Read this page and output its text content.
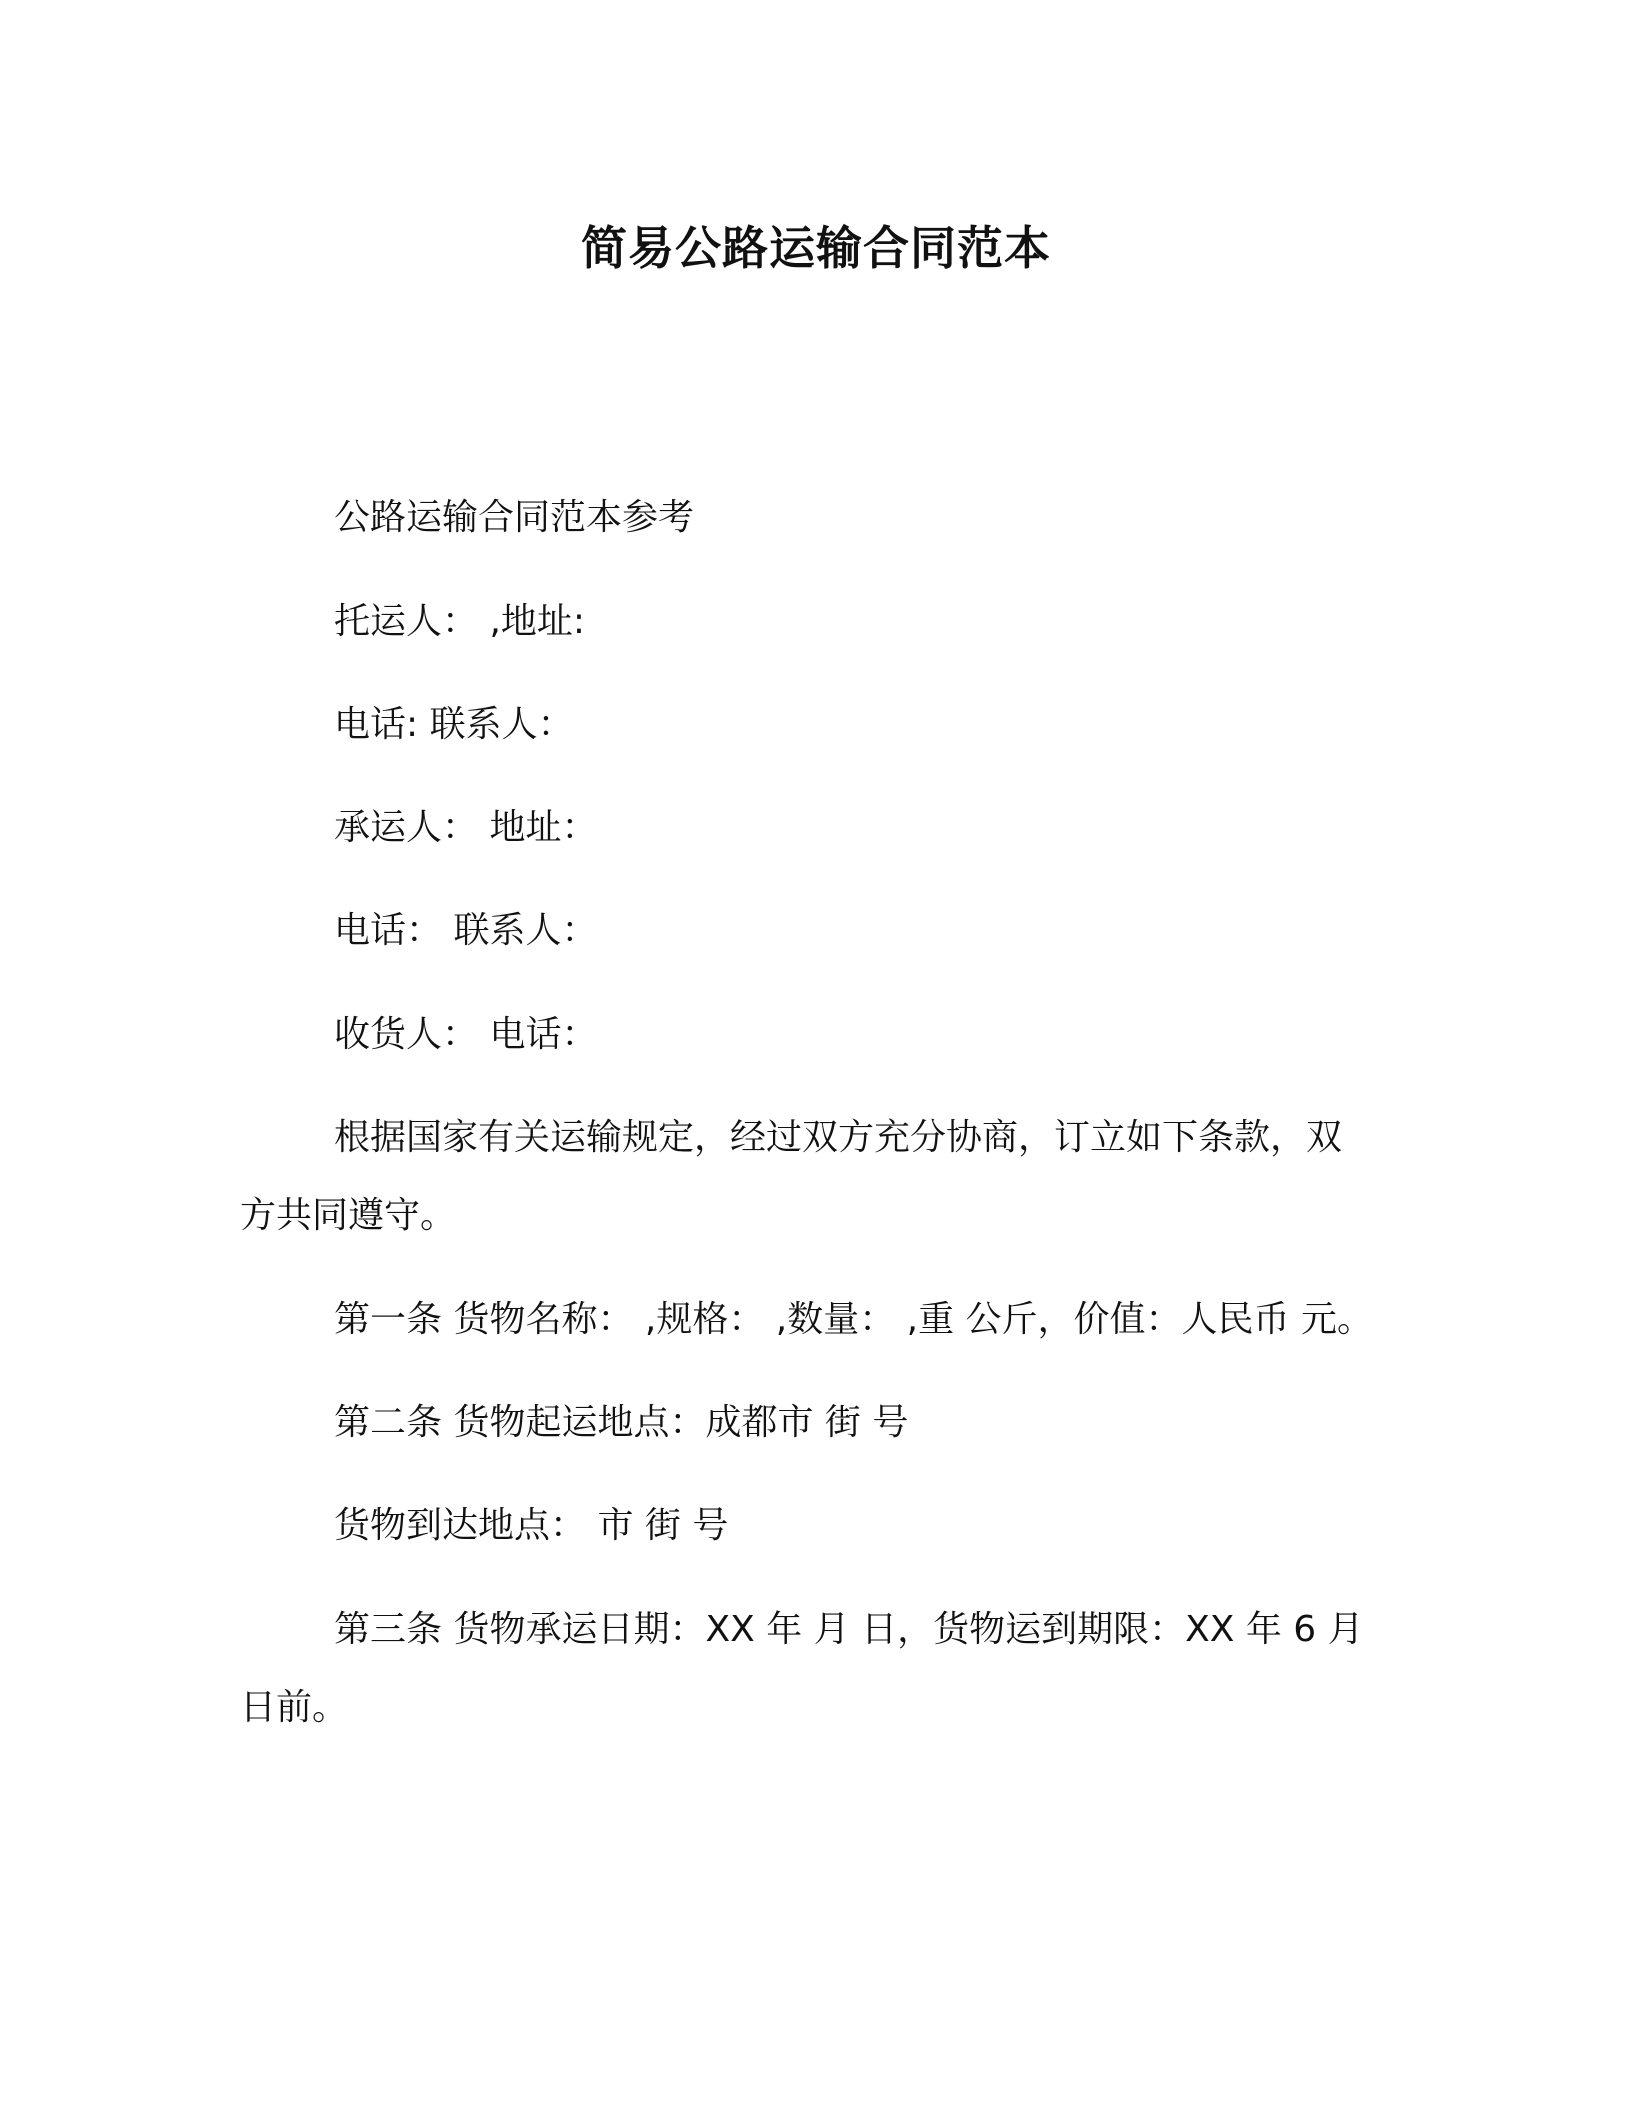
简易公路运输合同范本
公路运输合同范本参考
托运人： ,地址:
电话: 联系人：
承运人： 地址：
电话： 联系人：
收货人： 电话：
根据国家有关运输规定，经过双方充分协商，订立如下条款，双
方共同遵守。
第一条 货物名称： ,规格： ,数量： ,重 公斤，价值：人民币 元。
第二条 货物起运地点：成都市 街 号
货物到达地点： 市 街 号
第三条 货物承运日期：XX 年 月 日，货物运到期限：XX 年 6 月
日前。
